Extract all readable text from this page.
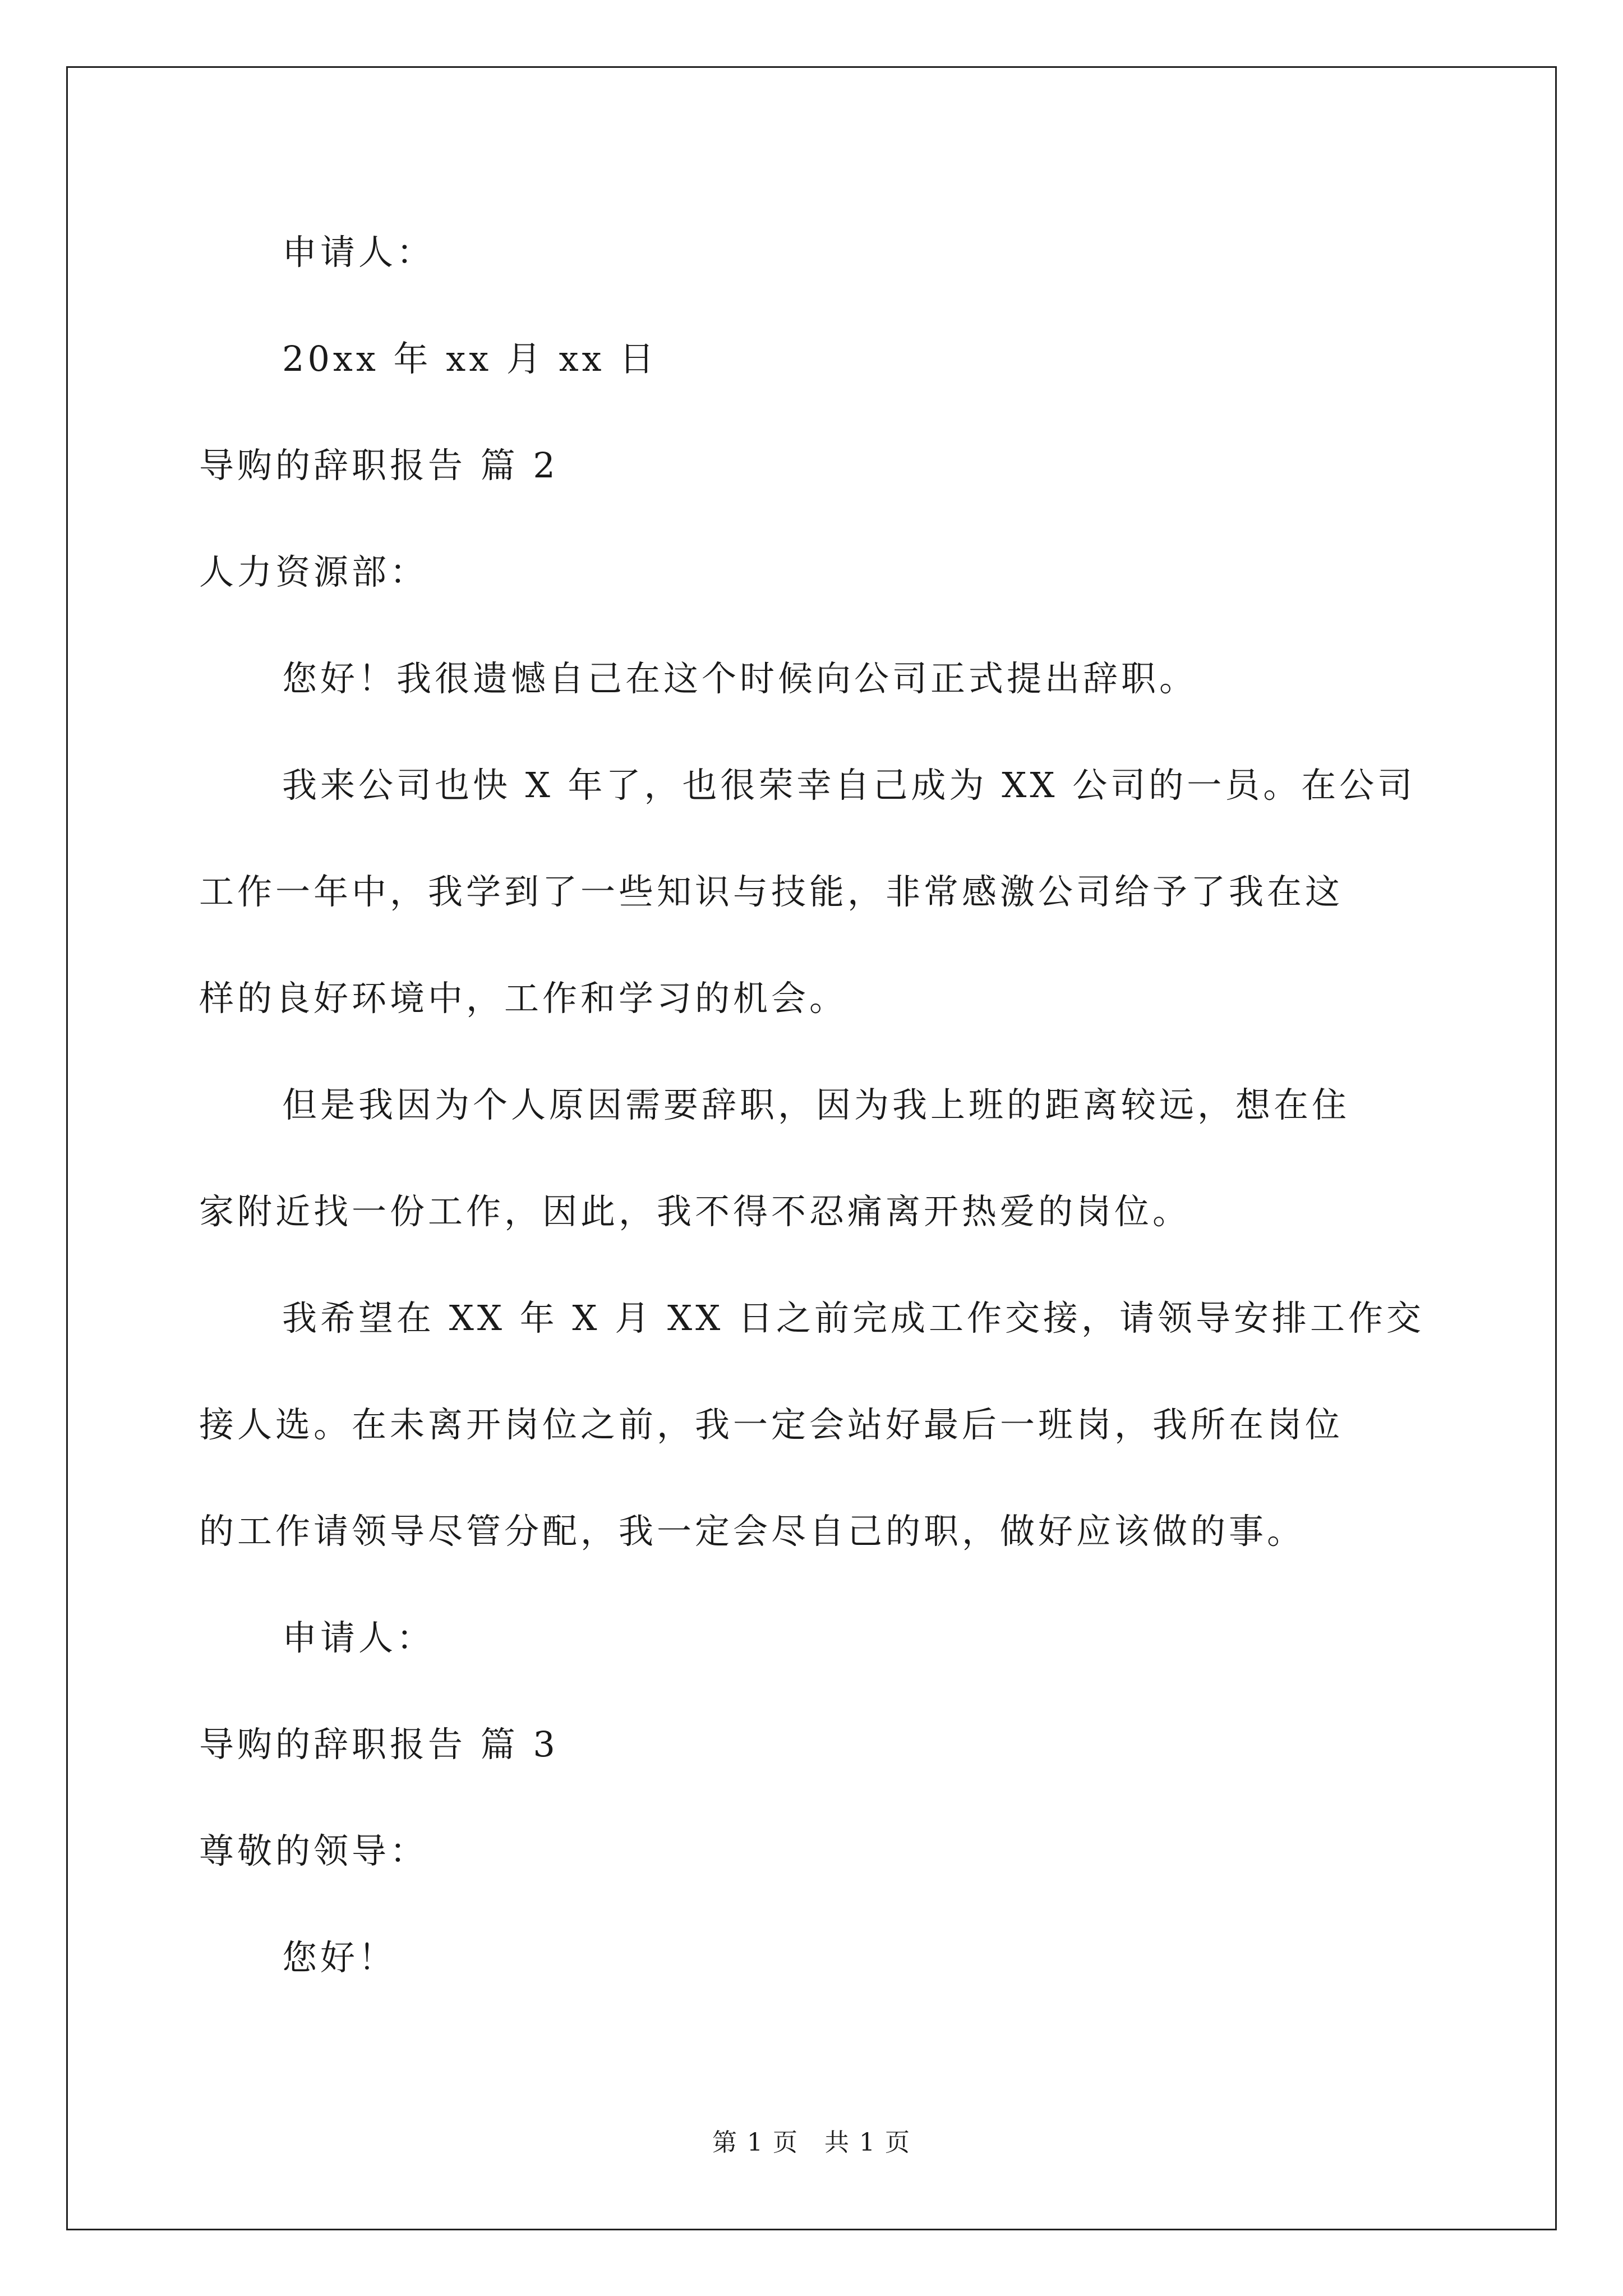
申请人：
20xx 年 xx 月 xx 日
导购的辞职报告 篇 2
人力资源部：
您好！我很遗憾自己在这个时候向公司正式提出辞职。
我来公司也快 X 年了，也很荣幸自己成为 XX 公司的一员。在公司
工作一年中，我学到了一些知识与技能，非常感激公司给予了我在这
样的良好环境中，工作和学习的机会。
但是我因为个人原因需要辞职，因为我上班的距离较远，想在住
家附近找一份工作，因此，我不得不忍痛离开热爱的岗位。
我希望在 XX 年 X 月 XX 日之前完成工作交接，请领导安排工作交
接人选。在未离开岗位之前，我一定会站好最后一班岗，我所在岗位
的工作请领导尽管分配，我一定会尽自己的职，做好应该做的事。
申请人：
导购的辞职报告 篇 3
尊敬的领导：
您好！
第 1 页　共 1 页
